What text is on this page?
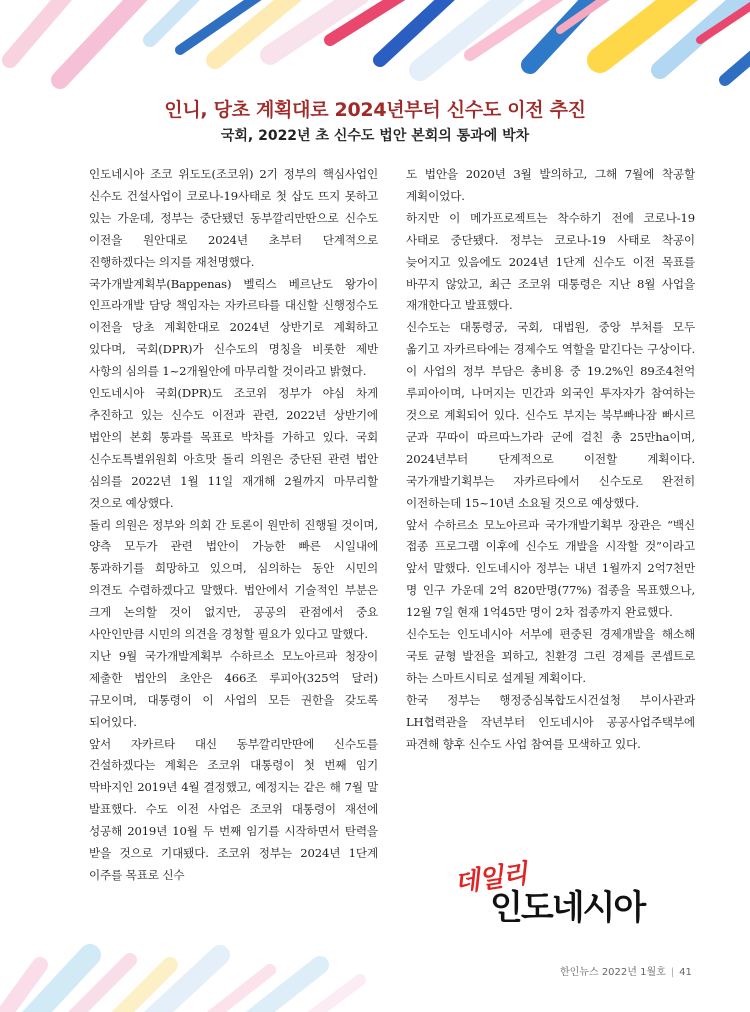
인니, 당초 계획대로 2024년부터 신수도 이전 추진
국회, 2022년 초 신수도 법안 본회의 통과에 박차

인도네시아 조코 위도도(조코위) 2기 정부의 핵심사업인 신수도 건설사업이 코로나-19사태로 첫 삽도 뜨지 못하고 있는 가운데, 정부는 중단됐던 동부깔리만딴으로 신수도 이전을 원안대로 2024년 초부터 단계적으로 진행하겠다는 의지를 재천명했다.

국가개발계획부(Bappenas) 벨릭스 베르난도 왕가이 인프라개발 담당 책임자는 자카르타를 대신할 신행정수도 이전을 당초 계획한대로 2024년 상반기로 계획하고 있다며, 국회(DPR)가 신수도의 명칭을 비롯한 제반 사항의 심의를 1~2개월안에 마무리할 것이라고 밝혔다.

인도네시아 국회(DPR)도 조코위 정부가 야심 차게 추진하고 있는 신수도 이전과 관련, 2022년 상반기에 법안의 본회 통과를 목표로 박차를 가하고 있다. 국회 신수도특별위원회 아흐맛 돌리 의원은 중단된 관련 법안 심의를 2022년 1월 11일 재개해 2월까지 마무리할 것으로 예상했다.

돌리 의원은 정부와 의회 간 토론이 원만히 진행될 것이며, 양측 모두가 관련 법안이 가능한 빠른 시일내에 통과하기를 희망하고 있으며, 심의하는 동안 시민의 의견도 수렴하겠다고 말했다. 법안에서 기술적인 부분은 크게 논의할 것이 없지만, 공공의 관점에서 중요 사안인만큼 시민의 의견을 경청할 필요가 있다고 말했다.

지난 9월 국가개발계획부 수하르소 모노아르파 청장이 제출한 법안의 초안은 466조 루피아(325억 달러) 규모이며, 대통령이 이 사업의 모든 권한을 갖도록 되어있다.

앞서 자카르타 대신 동부깔리만딴에 신수도를 건설하겠다는 계획은 조코위 대통령이 첫 번째 임기 막바지인 2019년 4월 결정했고, 예정지는 같은 해 7월 말 발표했다. 수도 이전 사업은 조코위 대통령이 재선에 성공해 2019년 10월 두 번째 임기를 시작하면서 탄력을 받을 것으로 기대됐다. 조코위 정부는 2024년 1단계 이주를 목표로 신수

도 법안을 2020년 3월 발의하고, 그해 7월에 착공할 계획이었다.

하지만 이 메가프로젝트는 착수하기 전에 코로나-19 사태로 중단됐다. 정부는 코로나-19 사태로 착공이 늦어지고 있음에도 2024년 1단계 신수도 이전 목표를 바꾸지 않았고, 최근 조코위 대통령은 지난 8월 사업을 재개한다고 발표했다.

신수도는 대통령궁, 국회, 대법원, 중앙 부처를 모두 옮기고 자카르타에는 경제수도 역할을 맡긴다는 구상이다. 이 사업의 정부 부담은 총비용 중 19.2%인 89조4천억 루피아이며, 나머지는 민간과 외국인 투자자가 참여하는 것으로 계획되어 있다. 신수도 부지는 북부빠나잠 빠시르 군과 꾸따이 따르따느가라 군에 걸친 총 25만ha이며, 2024년부터 단계적으로 이전할 계획이다. 국가개발기획부는 자카르타에서 신수도로 완전히 이전하는데 15~10년 소요될 것으로 예상했다.

앞서 수하르소 모노아르파 국가개발기획부 장관은 “백신 접종 프로그램 이후에 신수도 개발을 시작할 것”이라고 앞서 말했다. 인도네시아 정부는 내년 1월까지 2억7천만 명 인구 가운데 2억 820만명(77%) 접종을 목표했으나, 12월 7일 현재 1억45만 명이 2차 접종까지 완료했다.

신수도는 인도네시아 서부에 편중된 경제개발을 해소해 국토 균형 발전을 꾀하고, 친환경 그린 경제를 콘셉트로 하는 스마트시티로 설계될 계획이다.

한국 정부는 행정중심복합도시건설청 부이사관과 LH협력관을 작년부터 인도네시아 공공사업주택부에 파견해 향후 신수도 사업 참여를 모색하고 있다.

데일리
인도네시아
한인뉴스 2022년 1월호 | 41
